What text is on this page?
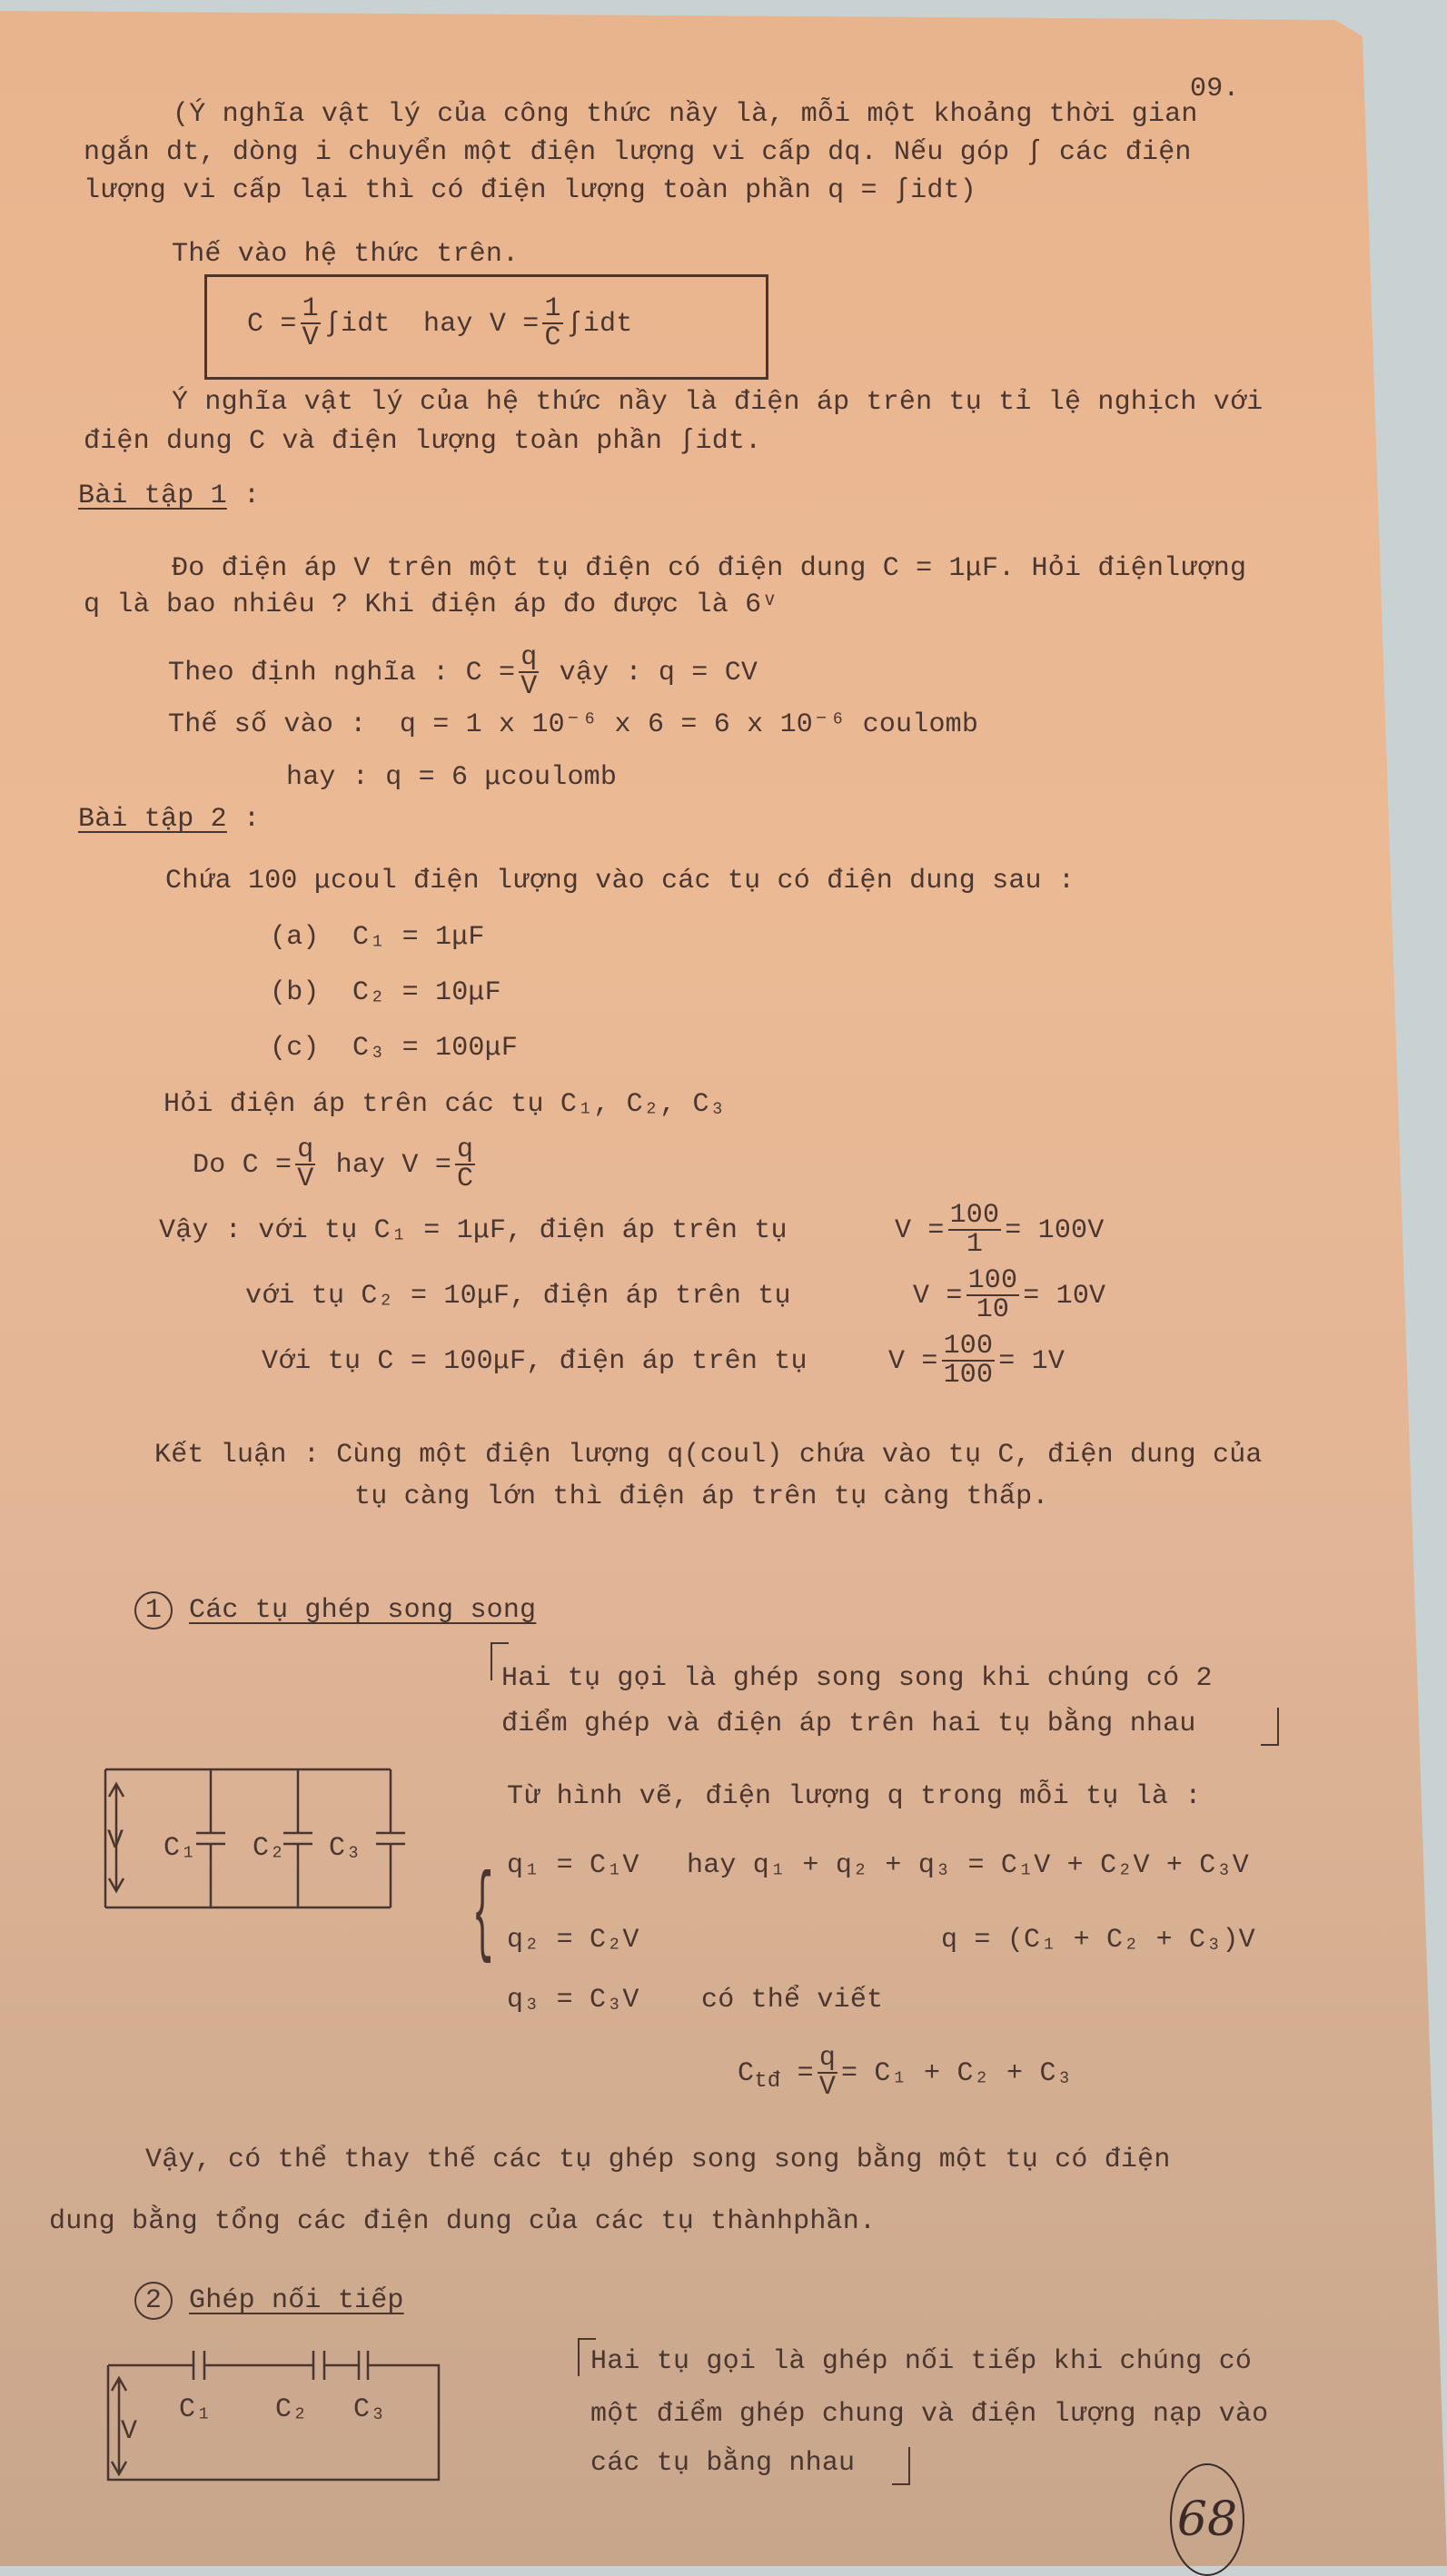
09.
(Ý nghĩa vật lý của công thức nầy là, mỗi một khoảng thời gian
ngắn dt, dòng i chuyển một điện lượng vi cấp dq. Nếu góp ∫ các điện
lượng vi cấp lại thì có điện lượng toàn phần q = ∫idt)
Thế vào hệ thức trên.
$C = \frac{1}{V} \int idt$  hay $V = \frac{1}{C} \int idt$
Ý nghĩa vật lý của hệ thức nầy là điện áp trên tụ tỉ lệ nghịch với
điện dung C và điện lượng toàn phần ∫idt.
Bài tập 1 :
Đo điện áp V trên một tụ điện có điện dung C = 1μF. Hỏi điệnlượng
q là bao nhiêu ? Khi điện áp đo được là 6ᵛ
Theo định nghĩa : $C = \frac{q}{V}$ vậy : q = CV
Thế số vào :  q = 1 x 10⁻⁶ x 6 = 6 x 10⁻⁶ coulomb
hay : q = 6 μcoulomb
Bài tập 2 :
Chứa 100 μcoul điện lượng vào các tụ có điện dung sau :
(a)  C₁ = 1μF
(b)  C₂ = 10μF
(c)  C₃ = 100μF
Hỏi điện áp trên các tụ C₁, C₂, C₃
Do $C = \frac{q}{V}$ hay $V = \frac{q}{C}$
Vậy : với tụ C₁ = 1μF, điện áp trên tụ	$V = \frac{100}{1} = 100V$
với tụ C₂ = 10μF, điện áp trên tụ	$V = \frac{100}{10} = 10V$
Với tụ C = 100μF, điện áp trên tụ	$V = \frac{100}{100} = 1V$
Kết luận : Cùng một điện lượng q(coul) chứa vào tụ C, điện dung của
tụ càng lớn thì điện áp trên tụ càng thấp.
1 Các tụ ghép song song
Hai tụ gọi là ghép song song khi chúng có 2
điểm ghép và điện áp trên hai tụ bằng nhau
V C₁ C₂ C₃
Từ hình vẽ, điện lượng q trong mỗi tụ là :
{ q₁ = C₁V hay q₁ + q₂ + q₃ = C₁V + C₂V + C₃V
q₂ = C₂V	q = (C₁ + C₂ + C₃)V
q₃ = C₃V có thể viết
$C_{tđ} = \frac{q}{V} = C_1 + C_2 + C_3$
Vậy, có thể thay thế các tụ ghép song song bằng một tụ có điện
dung bằng tổng các điện dung của các tụ thànhphần.
2 Ghép nối tiếp
V
C₁ C₂ C₃
Hai tụ gọi là ghép nối tiếp khi chúng có
một điểm ghép chung và điện lượng nạp vào
các tụ bằng nhau
68
